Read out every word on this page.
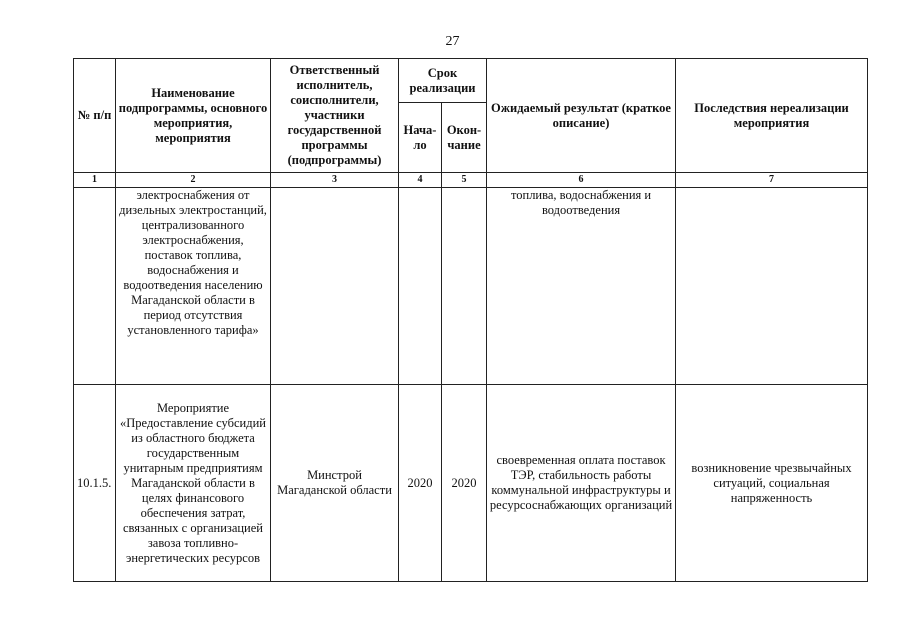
27
№ п/п	Наименование подпрограммы, основного мероприятия, мероприятия	Ответственный исполнитель, соисполнители, участники государственной программы (подпрограммы)	Срок реализации		Ожидаемый результат (краткое описание)	Последствия нереализации мероприятия
			Нача-ло	Окон-чание		
1	2	3	4	5	6	7
	электроснабжения от дизельных электростанций, централизованного электроснабжения, поставок топлива, водоснабжения и водоотведения населению Магаданской области в период отсутствия установленного тарифа»				топлива, водоснабжения и водоотведения	
10.1.5.	Мероприятие «Предоставление субсидий из областного бюджета государственным унитарным предприятиям Магаданской области в целях финансового обеспечения затрат, связанных с организацией завоза топливно-энергетических ресурсов	Минстрой Магаданской области	2020	2020	своевременная оплата поставок ТЭР, стабильность работы коммунальной инфраструктуры и ресурсоснабжающих организаций	возникновение чрезвычайных ситуаций, социальная напряженность
